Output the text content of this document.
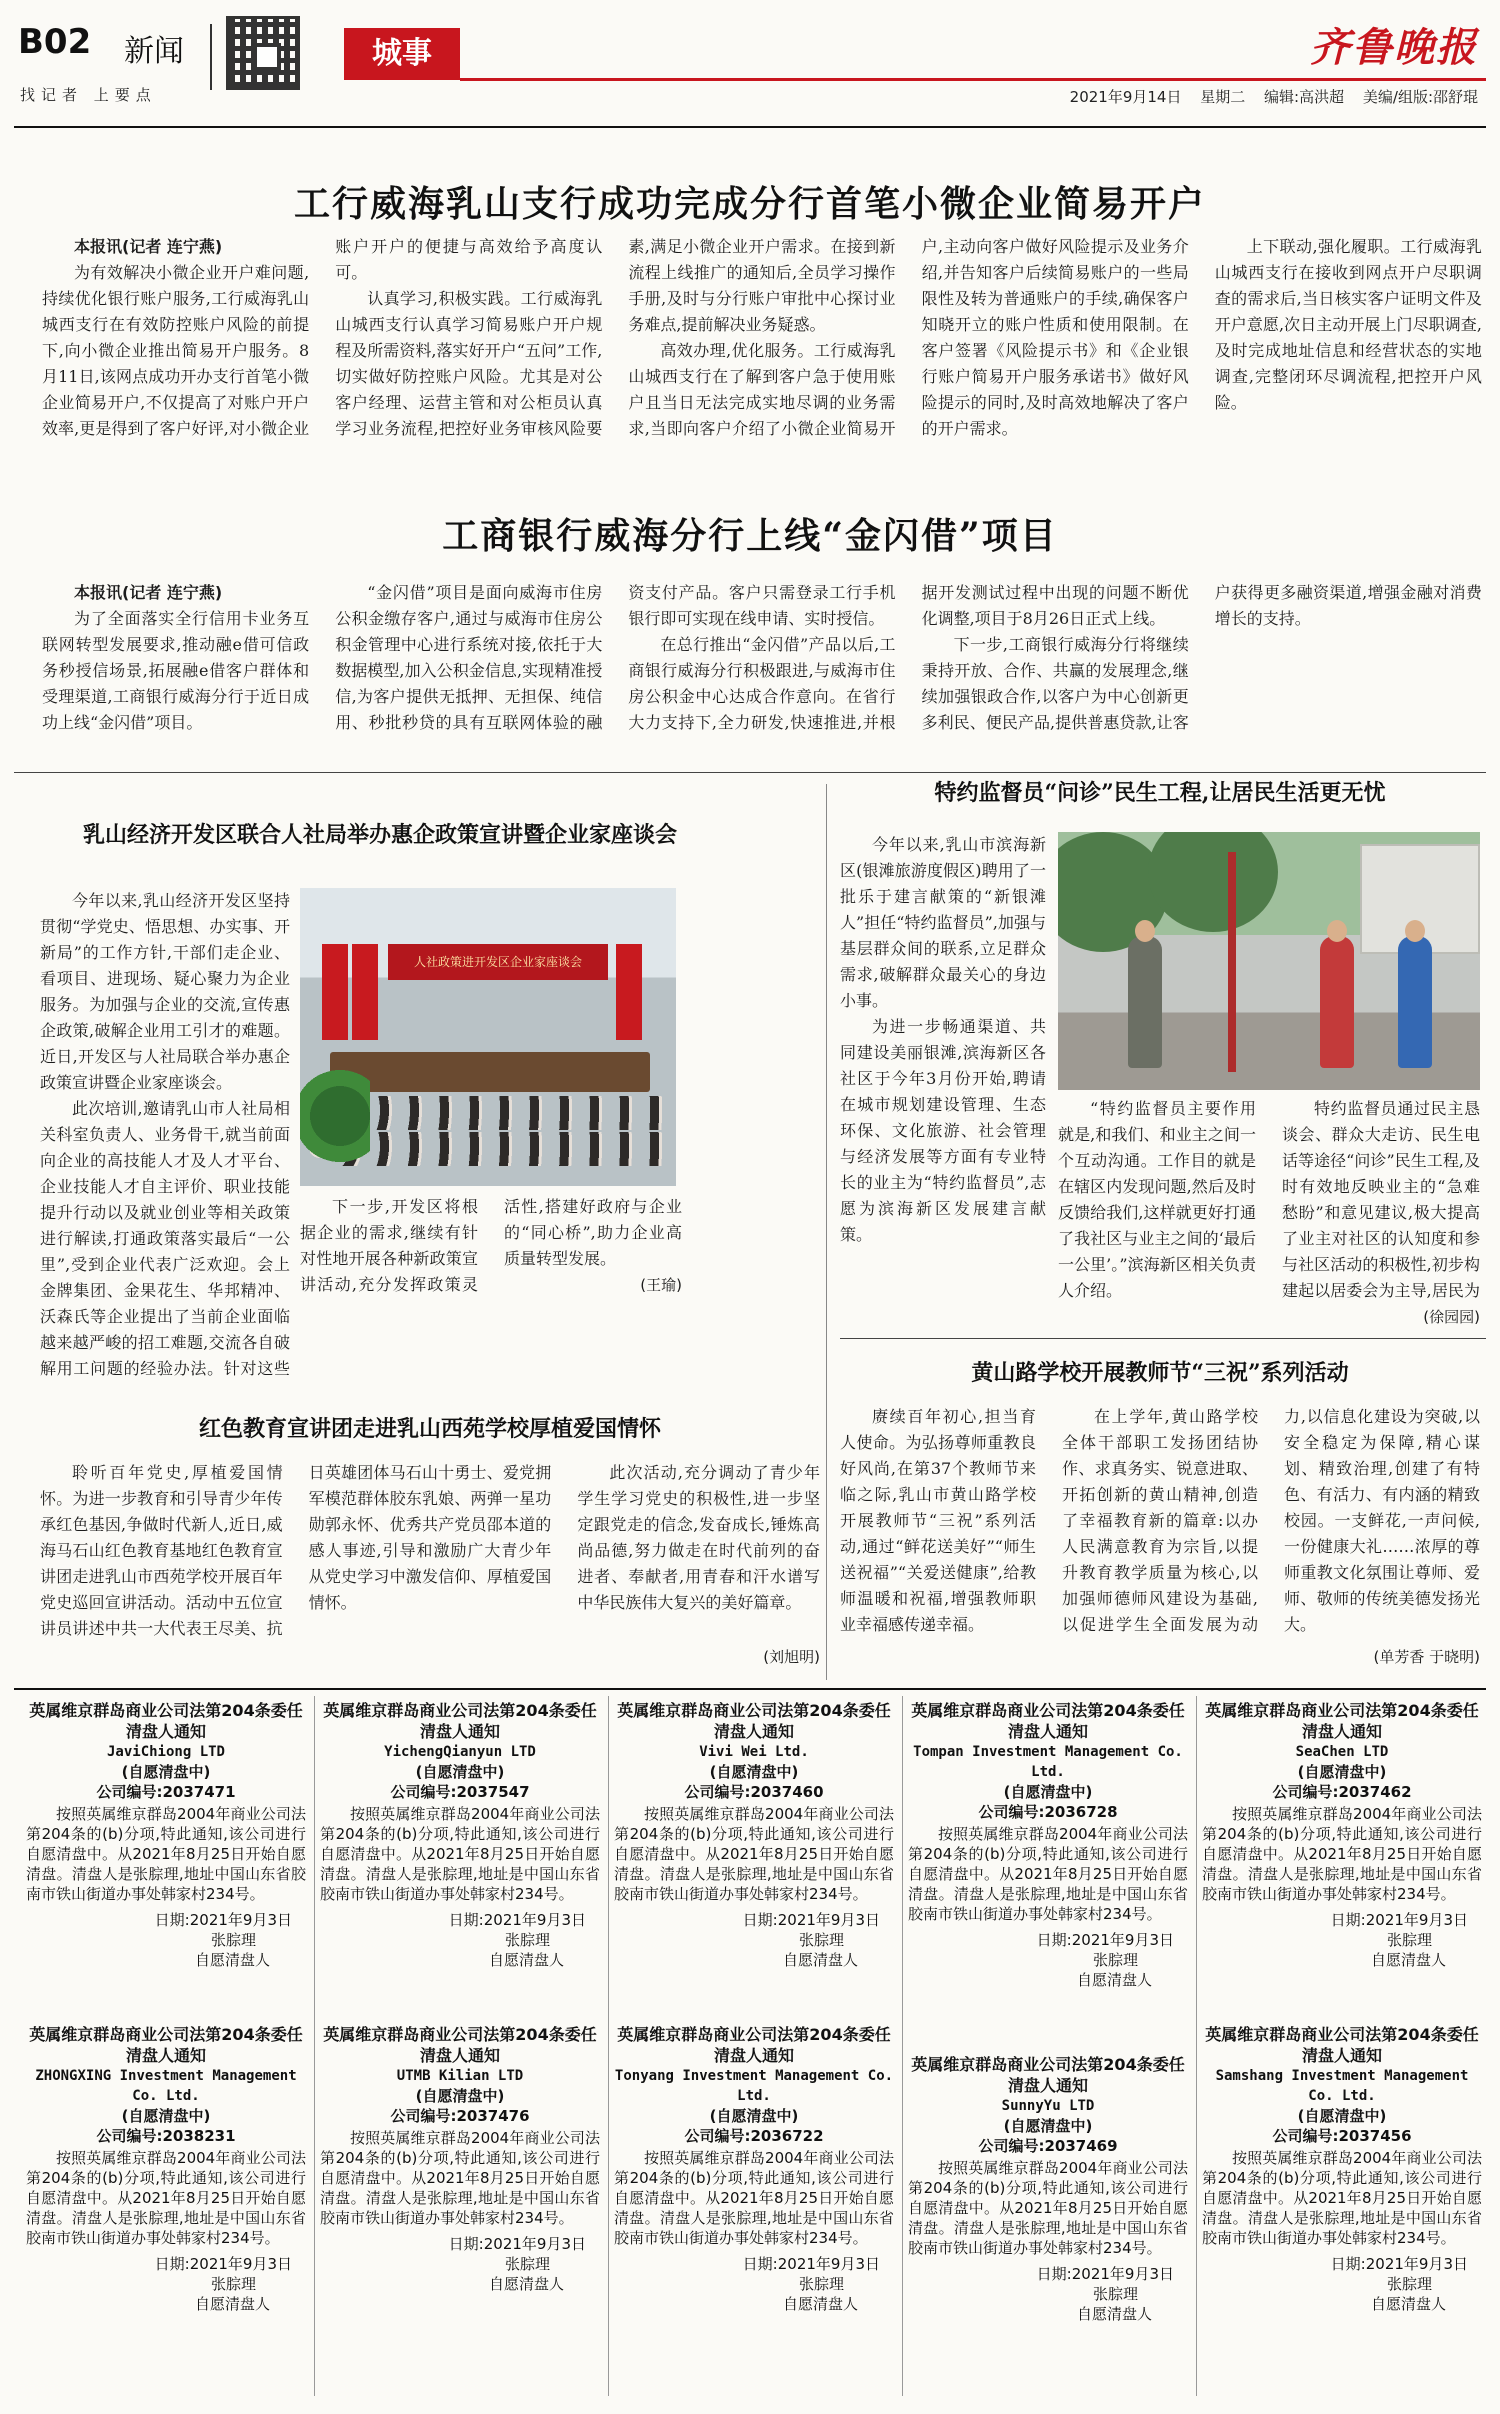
B02 新闻	城事	齐鲁晚报
找记者 上要点	2021年9月14日 星期二 编辑:高洪超 美编/组版:邵舒琨
工行威海乳山支行成功完成分行首笔小微企业简易开户
本报讯(记者 连宁燕)

为有效解决小微企业开户难问题,持续优化银行账户服务,工行威海乳山城西支行在有效防控账户风险的前提下,向小微企业推出简易开户服务。8月11日,该网点成功开办支行首笔小微企业简易开户,不仅提高了对账户开户效率,更是得到了客户好评,对小微企业账户开户的便捷与高效给予高度认可。

认真学习,积极实践。工行威海乳山城西支行认真学习简易账户开户规程及所需资料,落实好开户“五问”工作,切实做好防控账户风险。尤其是对公客户经理、运营主管和对公柜员认真学习业务流程,把控好业务审核风险要素,满足小微企业开户需求。在接到新流程上线推广的通知后,全员学习操作手册,及时与分行账户审批中心探讨业务难点,提前解决业务疑惑。

高效办理,优化服务。工行威海乳山城西支行在了解到客户急于使用账户且当日无法完成实地尽调的业务需求,当即向客户介绍了小微企业简易开户,主动向客户做好风险提示及业务介绍,并告知客户后续简易账户的一些局限性及转为普通账户的手续,确保客户知晓开立的账户性质和使用限制。在客户签署《风险提示书》和《企业银行账户简易开户服务承诺书》做好风险提示的同时,及时高效地解决了客户的开户需求。

上下联动,强化履职。工行威海乳山城西支行在接收到网点开户尽职调查的需求后,当日核实客户证明文件及开户意愿,次日主动开展上门尽职调查,及时完成地址信息和经营状态的实地调查,完整闭环尽调流程,把控开户风险。

工商银行威海分行上线“金闪借”项目
本报讯(记者 连宁燕)

为了全面落实全行信用卡业务互联网转型发展要求,推动融e借可信政务秒授信场景,拓展融e借客户群体和受理渠道,工商银行威海分行于近日成功上线“金闪借”项目。

“金闪借”项目是面向威海市住房公积金缴存客户,通过与威海市住房公积金管理中心进行系统对接,依托于大数据模型,加入公积金信息,实现精准授信,为客户提供无抵押、无担保、纯信用、秒批秒贷的具有互联网体验的融资支付产品。客户只需登录工行手机银行即可实现在线申请、实时授信。

在总行推出“金闪借”产品以后,工商银行威海分行积极跟进,与威海市住房公积金中心达成合作意向。在省行大力支持下,全力研发,快速推进,并根据开发测试过程中出现的问题不断优化调整,项目于8月26日正式上线。

下一步,工商银行威海分行将继续秉持开放、合作、共赢的发展理念,继续加强银政合作,以客户为中心创新更多利民、便民产品,提供普惠贷款,让客户获得更多融资渠道,增强金融对消费增长的支持。

乳山经济开发区联合人社局举办惠企政策宣讲暨企业家座谈会
人社政策进开发区企业家座谈会

今年以来,乳山经济开发区坚持贯彻“学党史、悟思想、办实事、开新局”的工作方针,干部们走企业、看项目、进现场、疑心聚力为企业服务。为加强与企业的交流,宣传惠企政策,破解企业用工引才的难题。近日,开发区与人社局联合举办惠企政策宣讲暨企业家座谈会。

此次培训,邀请乳山市人社局相关科室负责人、业务骨干,就当前面向企业的高技能人才及人才平台、企业技能人才自主评价、职业技能提升行动以及就业创业等相关政策进行解读,打通政策落实最后“一公里”,受到企业代表广泛欢迎。会上金牌集团、金果花生、华邦精冲、沃森氏等企业提出了当前企业面临越来越严峻的招工难题,交流各自破解用工问题的经验办法。针对这些

下一步,开发区将根据企业的需求,继续有针对性地开展各种新政策宣讲活动,充分发挥政策灵活性,搭建好政府与企业的“同心桥”,助力企业高质量转型发展。

(王瑜)
特约监督员“问诊”民生工程,让居民生活更无忧

今年以来,乳山市滨海新区(银滩旅游度假区)聘用了一批乐于建言献策的“新银滩人”担任“特约监督员”,加强与基层群众间的联系,立足群众需求,破解群众最关心的身边小事。

为进一步畅通渠道、共同建设美丽银滩,滨海新区各社区于今年3月份开始,聘请在城市规划建设管理、生态环保、文化旅游、社会管理与经济发展等方面有专业特长的业主为“特约监督员”,志愿为滨海新区发展建言献策。

“特约监督员主要作用就是,和我们、和业主之间一个互动沟通。工作目的就是在辖区内发现问题,然后及时反馈给我们,这样就更好打通了我社区与业主之间的‘最后一公里’。”滨海新区相关负责人介绍。

特约监督员通过民主恳谈会、群众大走访、民生电话等途径“问诊”民生工程,及时有效地反映业主的“急难愁盼”和意见建议,极大提高了业主对社区的认知度和参与社区活动的积极性,初步构建起以居委会为主导,居民为

(徐园园)
红色教育宣讲团走进乳山西苑学校厚植爱国情怀

聆听百年党史,厚植爱国情怀。为进一步教育和引导青少年传承红色基因,争做时代新人,近日,威海马石山红色教育基地红色教育宣讲团走进乳山市西苑学校开展百年党史巡回宣讲活动。活动中五位宣讲员讲述中共一大代表王尽美、抗日英雄团体马石山十勇士、爱党拥军模范群体胶东乳娘、两弹一星功勋郭永怀、优秀共产党员邵本道的感人事迹,引导和激励广大青少年从党史学习中激发信仰、厚植爱国情怀。

此次活动,充分调动了青少年学生学习党史的积极性,进一步坚定跟党走的信念,发奋成长,锤炼高尚品德,努力做走在时代前列的奋进者、奉献者,用青春和汗水谱写中华民族伟大复兴的美好篇章。

(刘旭明)
黄山路学校开展教师节“三祝”系列活动

赓续百年初心,担当育人使命。为弘扬尊师重教良好风尚,在第37个教师节来临之际,乳山市黄山路学校开展教师节“三祝”系列活动,通过“鲜花送美好”“师生送祝福”“关爱送健康”,给教师温暖和祝福,增强教师职业幸福感传递幸福。

在上学年,黄山路学校全体干部职工发扬团结协作、求真务实、锐意进取、开拓创新的黄山精神,创造了幸福教育新的篇章:以办人民满意教育为宗旨,以提升教育教学质量为核心,以加强师德师风建设为基础,以促进学生全面发展为动力,以信息化建设为突破,以安全稳定为保障,精心谋划、精致治理,创建了有特色、有活力、有内涵的精致校园。一支鲜花,一声问候,一份健康大礼……浓厚的尊师重教文化氛围让尊师、爱师、敬师的传统美德发扬光大。

(单芳香 于晓明)
英属维京群岛商业公司法第204条委任清盘人通知
JaviChiong LTD
(自愿清盘中)
公司编号:2037471
按照英属维京群岛2004年商业公司法第204条的(b)分项,特此通知,该公司进行自愿清盘中。从2021年8月25日开始自愿清盘。清盘人是张腙理,地址中国山东省胶南市铁山街道办事处韩家村234号。
日期:2021年9月3日
张腙理
自愿清盘人
英属维京群岛商业公司法第204条委任清盘人通知
YichengQianyun LTD
(自愿清盘中)
公司编号:2037547
按照英属维京群岛2004年商业公司法第204条的(b)分项,特此通知,该公司进行自愿清盘中。从2021年8月25日开始自愿清盘。清盘人是张腙理,地址是中国山东省胶南市铁山街道办事处韩家村234号。
日期:2021年9月3日
张腙理
自愿清盘人
英属维京群岛商业公司法第204条委任清盘人通知
Vivi Wei Ltd.
(自愿清盘中)
公司编号:2037460
按照英属维京群岛2004年商业公司法第204条的(b)分项,特此通知,该公司进行自愿清盘中。从2021年8月25日开始自愿清盘。清盘人是张腙理,地址是中国山东省胶南市铁山街道办事处韩家村234号。
日期:2021年9月3日
张腙理
自愿清盘人
英属维京群岛商业公司法第204条委任清盘人通知
Tompan Investment Management Co. Ltd.
(自愿清盘中)
公司编号:2036728
按照英属维京群岛2004年商业公司法第204条的(b)分项,特此通知,该公司进行自愿清盘中。从2021年8月25日开始自愿清盘。清盘人是张腙理,地址是中国山东省胶南市铁山街道办事处韩家村234号。
日期:2021年9月3日
张腙理
自愿清盘人
英属维京群岛商业公司法第204条委任清盘人通知
SeaChen LTD
(自愿清盘中)
公司编号:2037462
按照英属维京群岛2004年商业公司法第204条的(b)分项,特此通知,该公司进行自愿清盘中。从2021年8月25日开始自愿清盘。清盘人是张腙理,地址是中国山东省胶南市铁山街道办事处韩家村234号。
日期:2021年9月3日
张腙理
自愿清盘人
英属维京群岛商业公司法第204条委任清盘人通知
ZHONGXING Investment Management Co. Ltd.
(自愿清盘中)
公司编号:2038231
按照英属维京群岛2004年商业公司法第204条的(b)分项,特此通知,该公司进行自愿清盘中。从2021年8月25日开始自愿清盘。清盘人是张腙理,地址是中国山东省胶南市铁山街道办事处韩家村234号。
日期:2021年9月3日
张腙理
自愿清盘人
英属维京群岛商业公司法第204条委任清盘人通知
UTMB Kilian LTD
(自愿清盘中)
公司编号:2037476
按照英属维京群岛2004年商业公司法第204条的(b)分项,特此通知,该公司进行自愿清盘中。从2021年8月25日开始自愿清盘。清盘人是张腙理,地址是中国山东省胶南市铁山街道办事处韩家村234号。
日期:2021年9月3日
张腙理
自愿清盘人
英属维京群岛商业公司法第204条委任清盘人通知
Tonyang Investment Management Co. Ltd.
(自愿清盘中)
公司编号:2036722
按照英属维京群岛2004年商业公司法第204条的(b)分项,特此通知,该公司进行自愿清盘中。从2021年8月25日开始自愿清盘。清盘人是张腙理,地址是中国山东省胶南市铁山街道办事处韩家村234号。
日期:2021年9月3日
张腙理
自愿清盘人
英属维京群岛商业公司法第204条委任清盘人通知
SunnyYu LTD
(自愿清盘中)
公司编号:2037469
按照英属维京群岛2004年商业公司法第204条的(b)分项,特此通知,该公司进行自愿清盘中。从2021年8月25日开始自愿清盘。清盘人是张腙理,地址是中国山东省胶南市铁山街道办事处韩家村234号。
日期:2021年9月3日
张腙理
自愿清盘人
英属维京群岛商业公司法第204条委任清盘人通知
Samshang Investment Management Co. Ltd.
(自愿清盘中)
公司编号:2037456
按照英属维京群岛2004年商业公司法第204条的(b)分项,特此通知,该公司进行自愿清盘中。从2021年8月25日开始自愿清盘。清盘人是张腙理,地址是中国山东省胶南市铁山街道办事处韩家村234号。
日期:2021年9月3日
张腙理
自愿清盘人
